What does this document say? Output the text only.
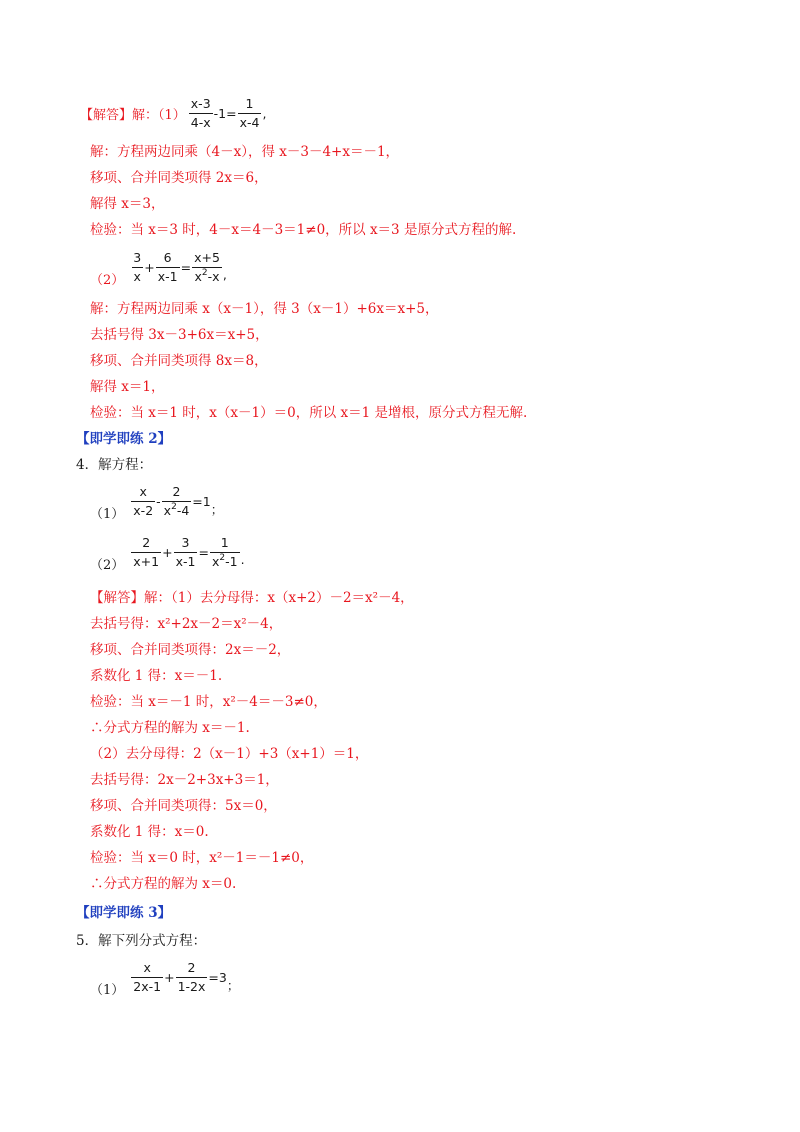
【解答】解：$(1) \frac{x-3}{4-x} -1= \frac{1}{x-4}$ ,
解：方程两边同乘（4－x），得 x－3－4+x＝－1，
移项、合并同类项得 2x＝6，
解得 x＝3，
检验：当 x＝3 时，4－x＝4－3＝1≠0，所以 x＝3 是原分式方程的解.
$(2) \frac{3}{x} + \frac{6}{x-1} = \frac{x+5}{x^2-x}$ ,
解：方程两边同乘 x（x－1），得 3（x－1）+6x＝x+5，
去括号得 3x－3+6x＝x+5，
移项、合并同类项得 8x＝8，
解得 x＝1，
检验：当 x＝1 时，x（x－1）＝0，所以 x＝1 是增根，原分式方程无解.
【即学即练 2】
4．解方程：
$(1) \frac{x}{x-2} - \frac{2}{x^2-4} =1$ ；
$(2) \frac{2}{x+1} + \frac{3}{x-1} = \frac{1}{x^2-1}$ .
【解答】解：（1）去分母得：x（x+2）－2＝x²－4，
去括号得：x²+2x－2＝x²－4，
移项、合并同类项得：2x＝－2，
系数化 1 得：x＝－1.
检验：当 x＝－1 时，x²－4＝－3≠0，
∴分式方程的解为 x＝－1.
（2）去分母得：2（x－1）+3（x+1）＝1，
去括号得：2x－2+3x+3＝1，
移项、合并同类项得：5x＝0，
系数化 1 得：x＝0.
检验：当 x＝0 时，x²－1＝－1≠0，
∴分式方程的解为 x＝0.
【即学即练 3】
5．解下列分式方程：
$(1) \frac{x}{2x-1} + \frac{2}{1-2x} =3$ ；
